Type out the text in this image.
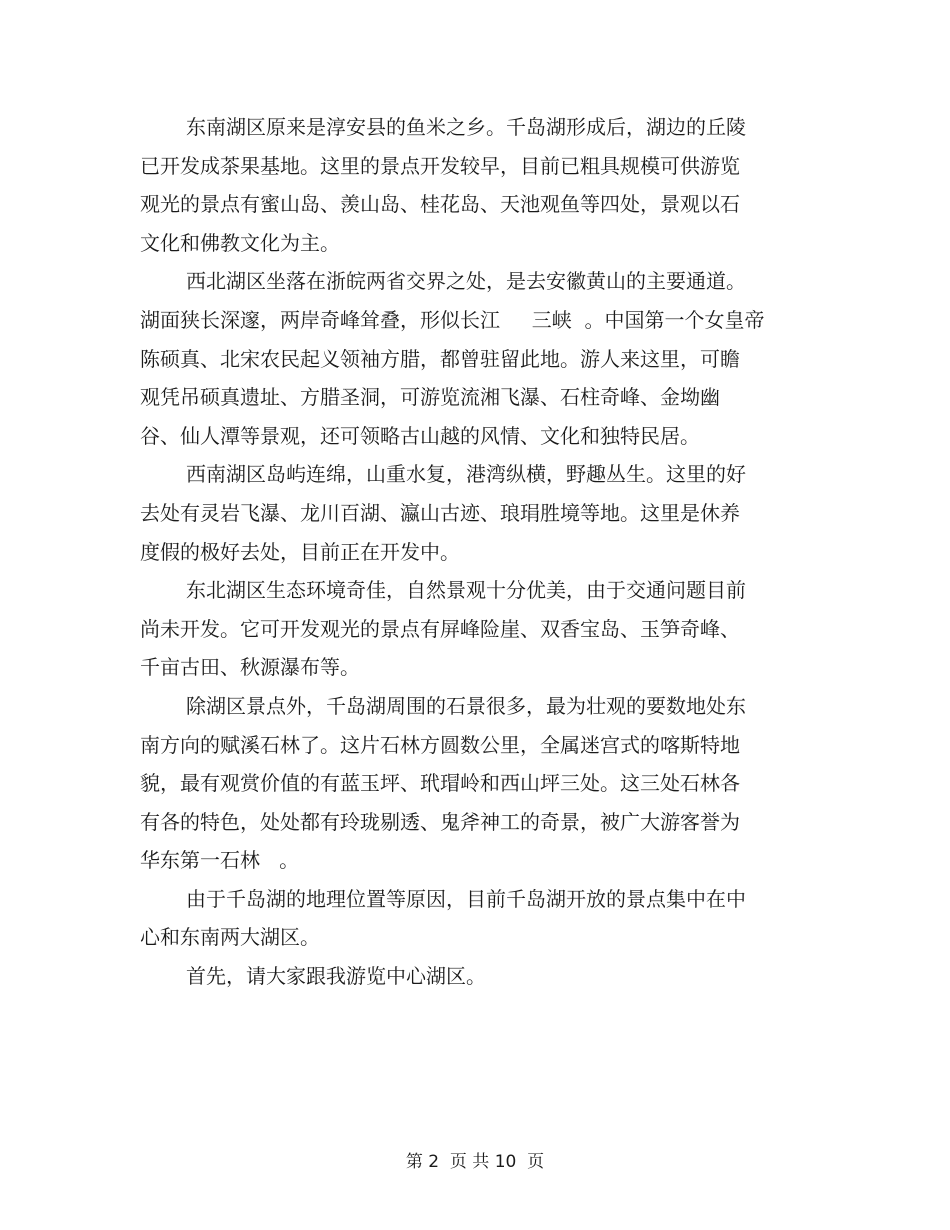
东南湖区原来是淳安县的鱼米之乡。千岛湖形成后，湖边的丘陵
已开发成茶果基地。这里的景点开发较早，目前已粗具规模可供游览
观光的景点有蜜山岛、羡山岛、桂花岛、天池观鱼等四处，景观以石
文化和佛教文化为主。
西北湖区坐落在浙皖两省交界之处，是去安徽黄山的主要通道。
湖面狭长深邃，两岸奇峰耸叠，形似长江     三峡  。中国第一个女皇帝
陈硕真、北宋农民起义领袖方腊，都曾驻留此地。游人来这里，可瞻
观凭吊硕真遗址、方腊圣洞，可游览流湘飞瀑、石柱奇峰、金坳幽
谷、仙人潭等景观，还可领略古山越的风情、文化和独特民居。
西南湖区岛屿连绵，山重水复，港湾纵横，野趣丛生。这里的好
去处有灵岩飞瀑、龙川百湖、瀛山古迹、琅琄胜境等地。这里是休养
度假的极好去处，目前正在开发中。
东北湖区生态环境奇佳，自然景观十分优美，由于交通问题目前
尚未开发。它可开发观光的景点有屏峰险崖、双香宝岛、玉笋奇峰、
千亩古田、秋源瀑布等。
除湖区景点外，千岛湖周围的石景很多，最为壮观的要数地处东
南方向的赋溪石林了。这片石林方圆数公里，全属迷宫式的喀斯特地
貌，最有观赏价值的有蓝玉坪、玳瑁岭和西山坪三处。这三处石林各
有各的特色，处处都有玲珑剔透、鬼斧神工的奇景，被广大游客誉为
华东第一石林   。
由于千岛湖的地理位置等原因，目前千岛湖开放的景点集中在中
心和东南两大湖区。
首先，请大家跟我游览中心湖区。
第 2  页 共 10  页
